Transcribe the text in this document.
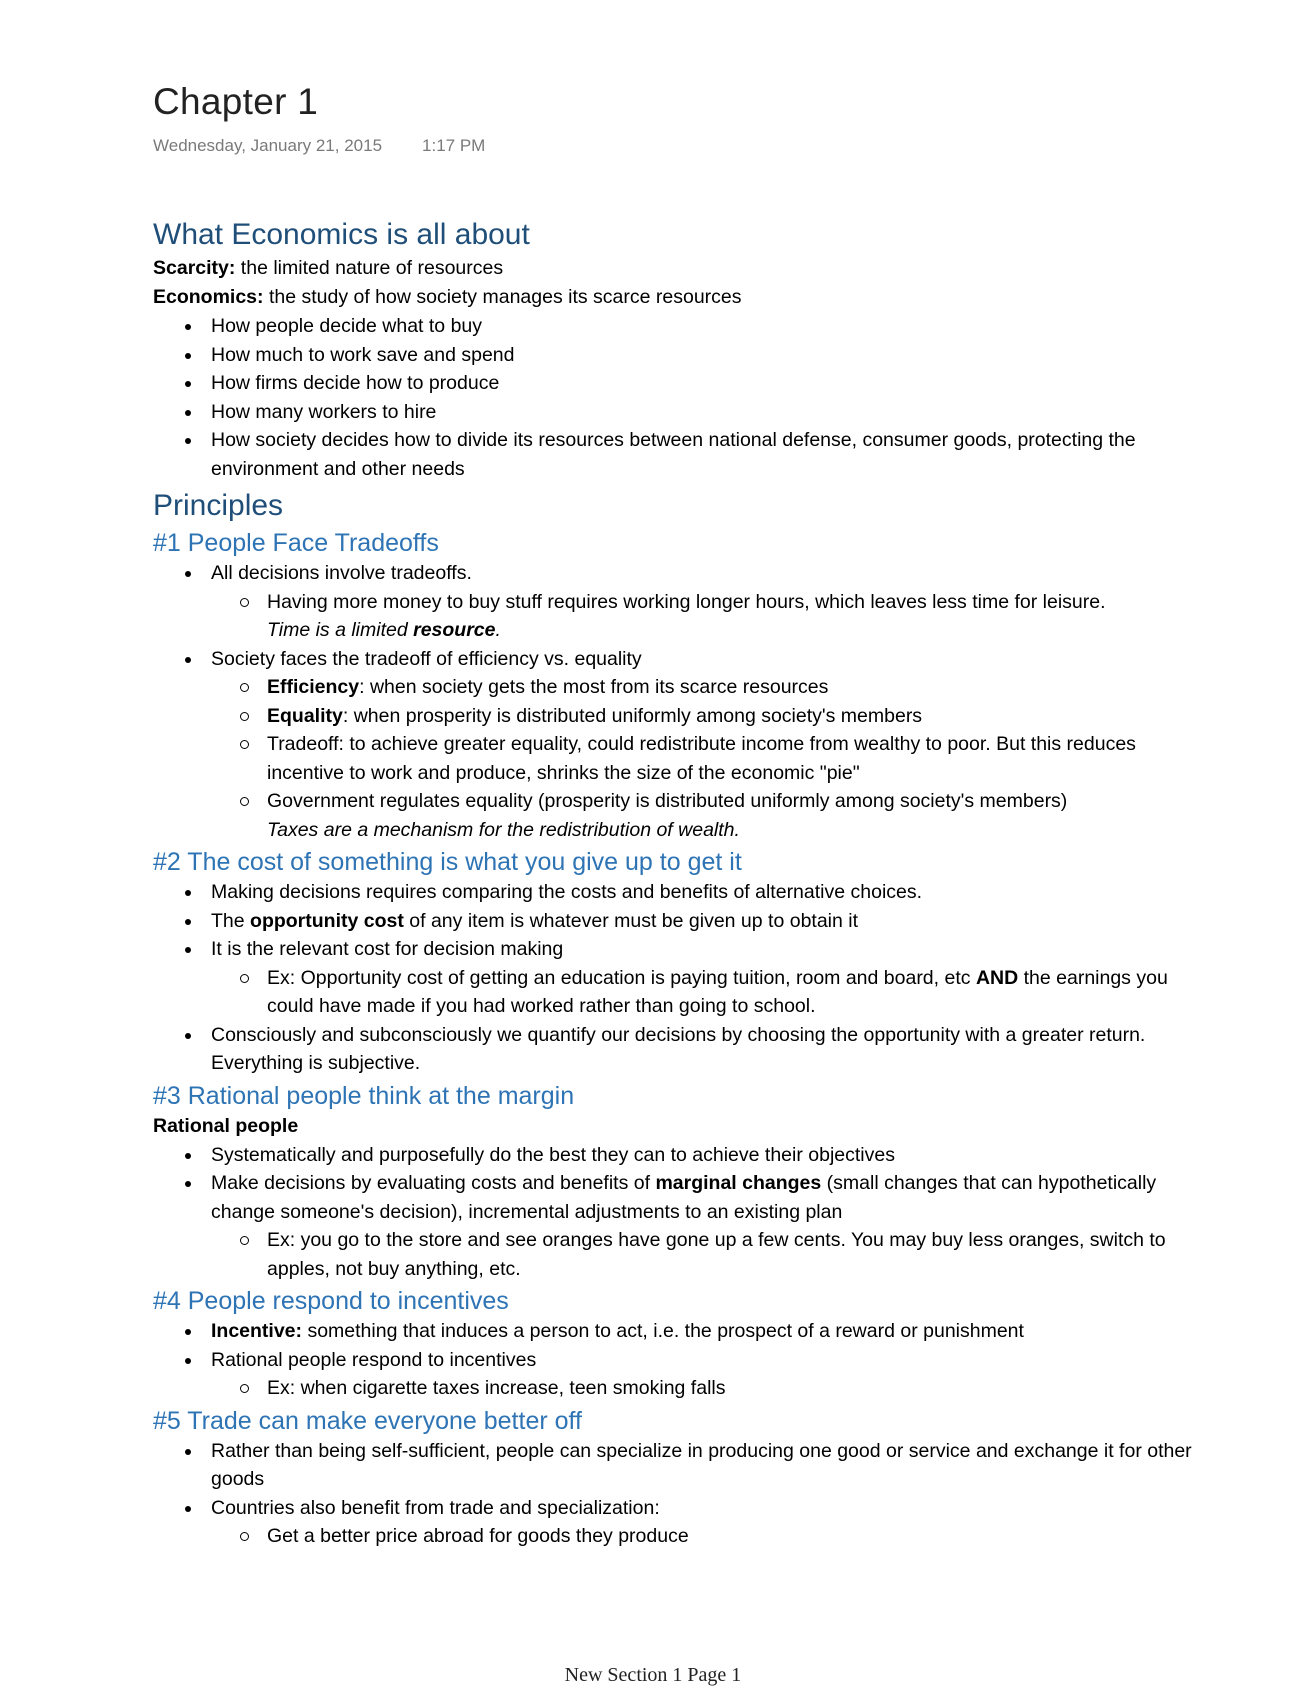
Chapter 1
Wednesday, January 21, 2015 1:17 PM
What Economics is all about

Scarcity: the limited nature of resources

Economics: the study of how society manages its scarce resources

How people decide what to buy
How much to work save and spend
How firms decide how to produce
How many workers to hire
How society decides how to divide its resources between national defense, consumer goods, protecting the environment and other needs
Principles
#1 People Face Tradeoffs
All decisions involve tradeoffs.
Having more money to buy stuff requires working longer hours, which leaves less time for leisure.
Time is a limited resource.
Society faces the tradeoff of efficiency vs. equality
Efficiency: when society gets the most from its scarce resources
Equality: when prosperity is distributed uniformly among society's members
Tradeoff: to achieve greater equality, could redistribute income from wealthy to poor. But this reduces incentive to work and produce, shrinks the size of the economic "pie"
Government regulates equality (prosperity is distributed uniformly among society's members)
Taxes are a mechanism for the redistribution of wealth.
#2 The cost of something is what you give up to get it
Making decisions requires comparing the costs and benefits of alternative choices.
The opportunity cost of any item is whatever must be given up to obtain it
It is the relevant cost for decision making
Ex: Opportunity cost of getting an education is paying tuition, room and board, etc AND the earnings you could have made if you had worked rather than going to school.
Consciously and subconsciously we quantify our decisions by choosing the opportunity with a greater return. Everything is subjective.
#3 Rational people think at the margin

Rational people

Systematically and purposefully do the best they can to achieve their objectives
Make decisions by evaluating costs and benefits of marginal changes (small changes that can hypothetically change someone's decision), incremental adjustments to an existing plan
Ex: you go to the store and see oranges have gone up a few cents. You may buy less oranges, switch to apples, not buy anything, etc.
#4 People respond to incentives
Incentive: something that induces a person to act, i.e. the prospect of a reward or punishment
Rational people respond to incentives
Ex: when cigarette taxes increase, teen smoking falls
#5 Trade can make everyone better off
Rather than being self-sufficient, people can specialize in producing one good or service and exchange it for other goods
Countries also benefit from trade and specialization:
Get a better price abroad for goods they produce
New Section 1 Page 1
